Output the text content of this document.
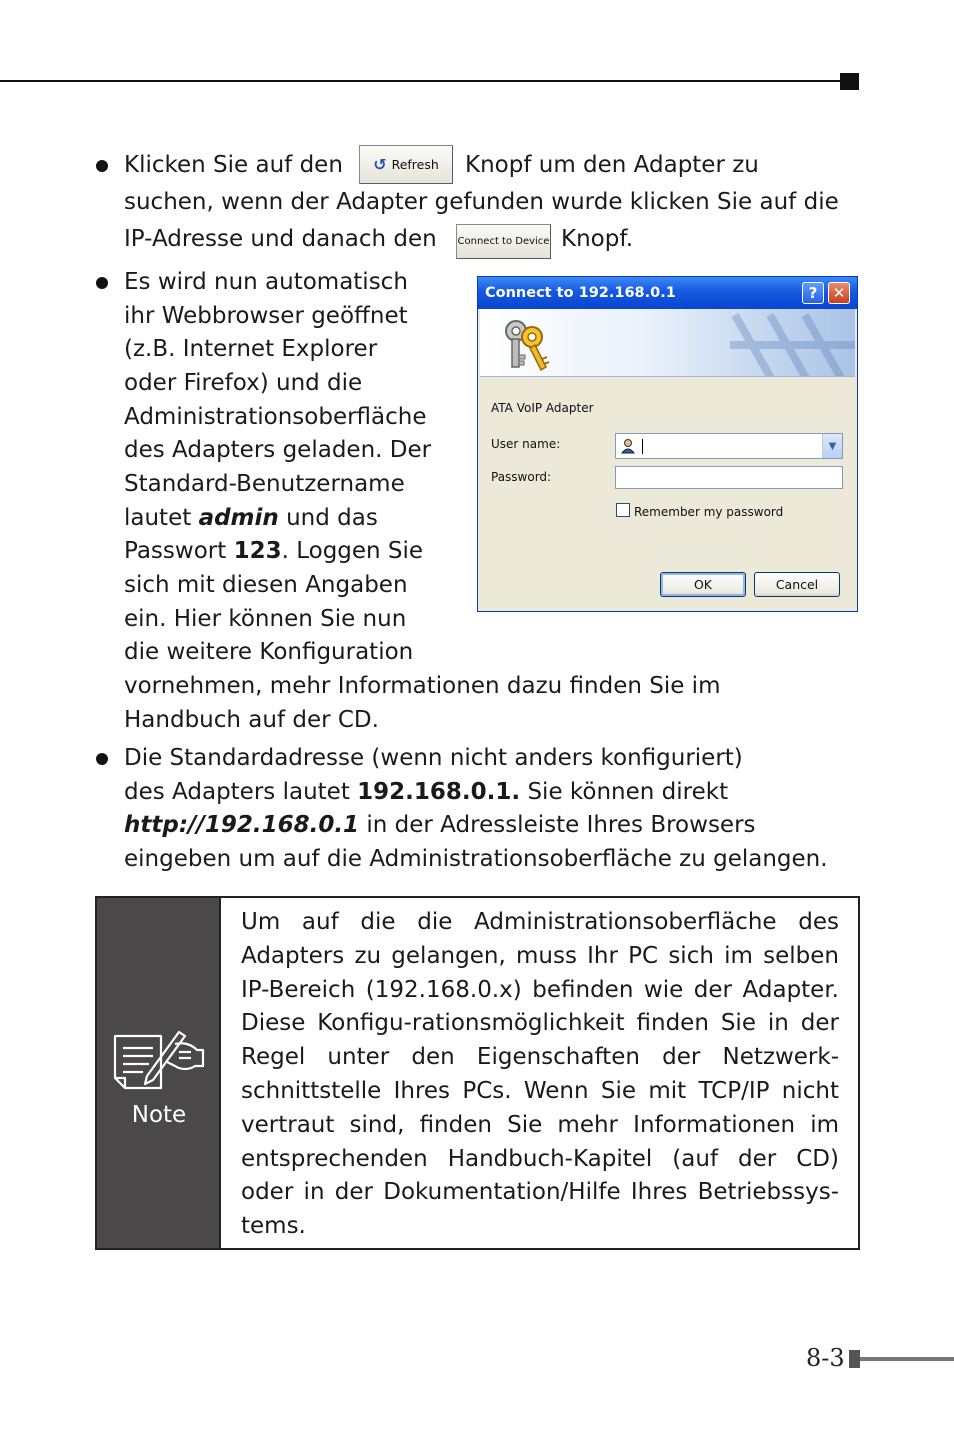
Klicken Sie auf den ↺ Refresh Knopf um den Adapter zu
suchen, wenn der Adapter gefunden wurde klicken Sie auf die
IP-Adresse und danach den Connect to Device Knopf.
Es wird nun automatisch
ihr Webbrowser geöffnet
(z.B. Internet Explorer
oder Firefox) und die
Administrationsoberfläche
des Adapters geladen. Der
Standard-Benutzername
lautet admin und das
Passwort 123. Loggen Sie
sich mit diesen Angaben
ein. Hier können Sie nun
die weitere Konfiguration
vornehmen, mehr Informationen dazu finden Sie im
Handbuch auf der CD.
Connect to 192.168.0.1	?	✕
ATA VoIP Adapter
User name:
Password:
▼
Remember my password
OK	Cancel
Die Standardadresse (wenn nicht anders konfiguriert)
des Adapters lautet 192.168.0.1. Sie können direkt
http://192.168.0.1 in der Adressleiste Ihres Browsers
eingeben um auf die Administrationsoberfläche zu gelangen.
Note
Um auf die die Administrationsoberfläche des Adapters zu gelangen, muss Ihr PC sich im selben IP-Bereich (192.168.0.x) befinden wie der Adapter. Diese Konfigu-rationsmöglichkeit finden Sie in der Regel unter den Eigenschaften der Netzwerk-schnittstelle Ihres PCs. Wenn Sie mit TCP/IP nicht vertraut sind, finden Sie mehr Informationen im entsprechenden Handbuch-Kapitel (auf der CD) oder in der Dokumentation/Hilfe Ihres Betriebssys-tems.
8-3
